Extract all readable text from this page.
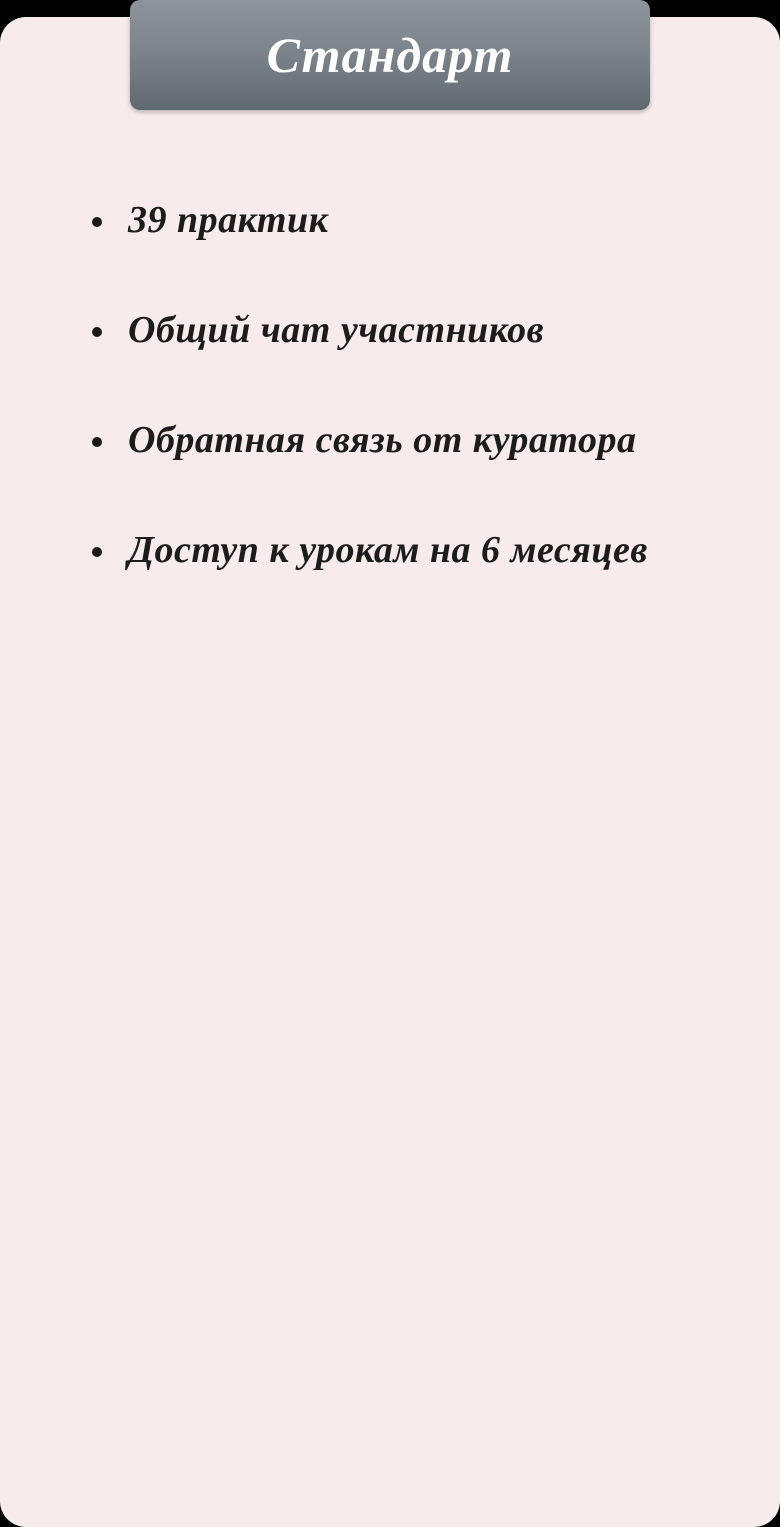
39 практик
Общий чат участников
Обратная связь от куратора
Доступ к урокам на 6 месяцев
Стандарт
